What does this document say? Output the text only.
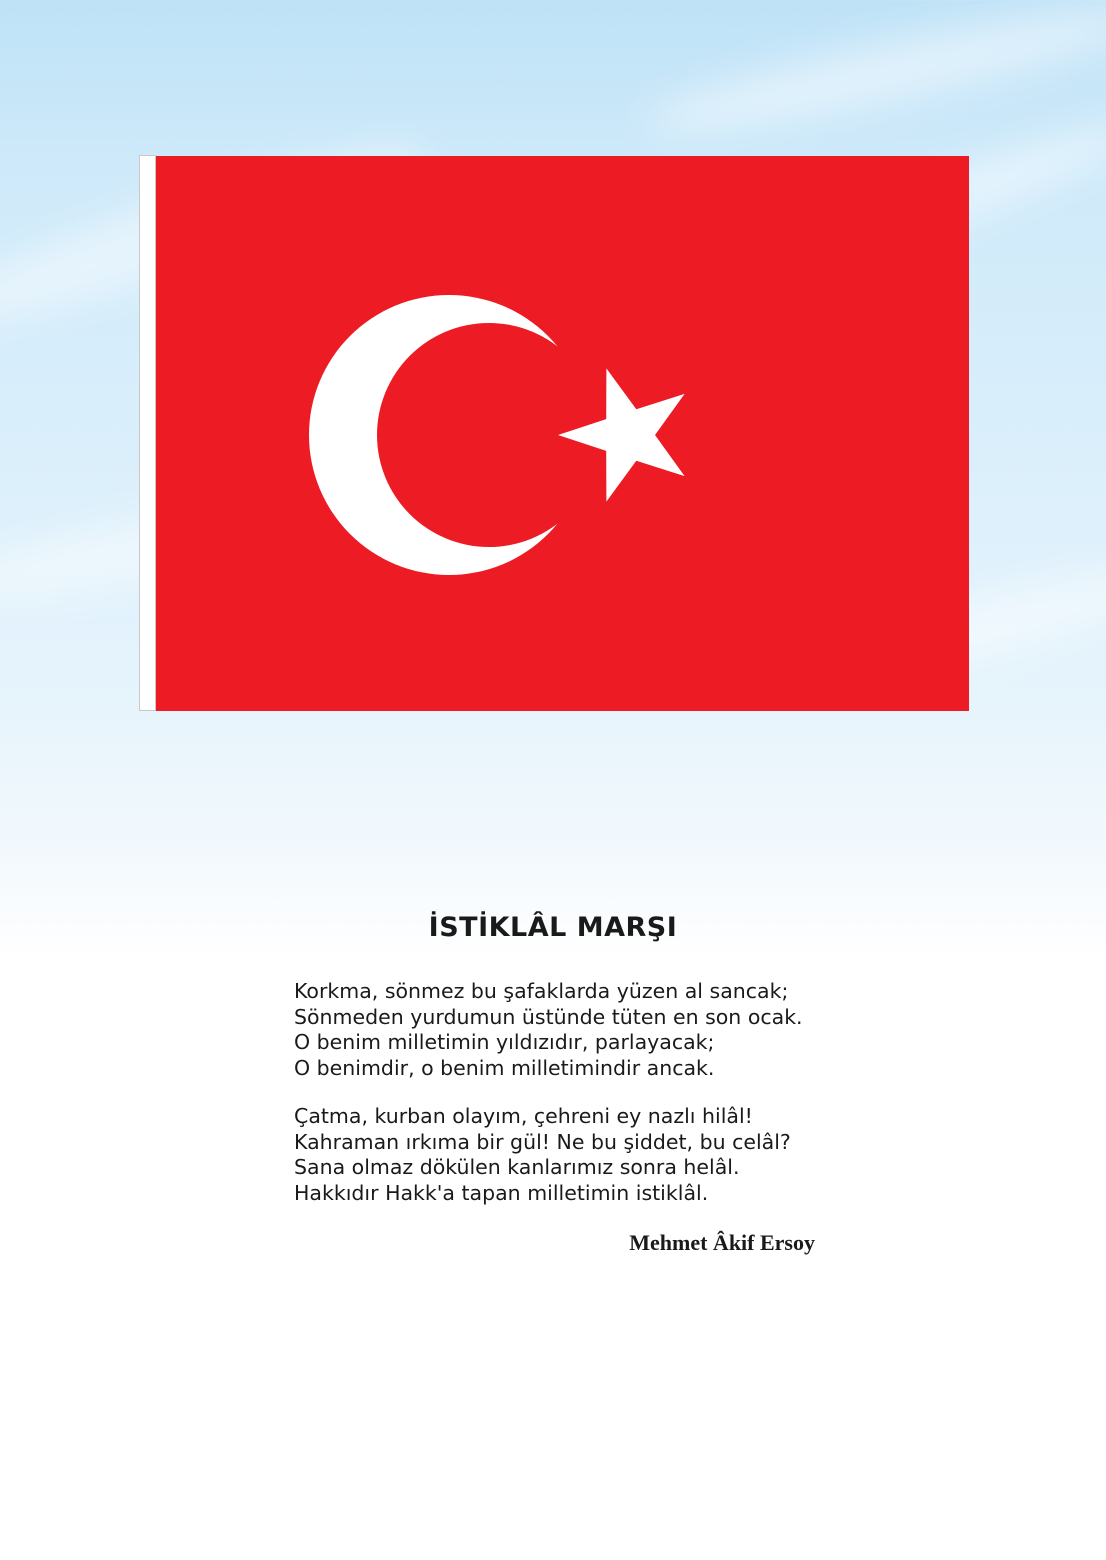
İSTİKLÂL MARŞI
Korkma, sönmez bu şafaklarda yüzen al sancak;
Sönmeden yurdumun üstünde tüten en son ocak.
O benim milletimin yıldızıdır, parlayacak;
O benimdir, o benim milletimindir ancak.
Çatma, kurban olayım, çehreni ey nazlı hilâl!
Kahraman ırkıma bir gül! Ne bu şiddet, bu celâl?
Sana olmaz dökülen kanlarımız sonra helâl.
Hakkıdır Hakk'a tapan milletimin istiklâl.
Mehmet Âkif Ersoy
